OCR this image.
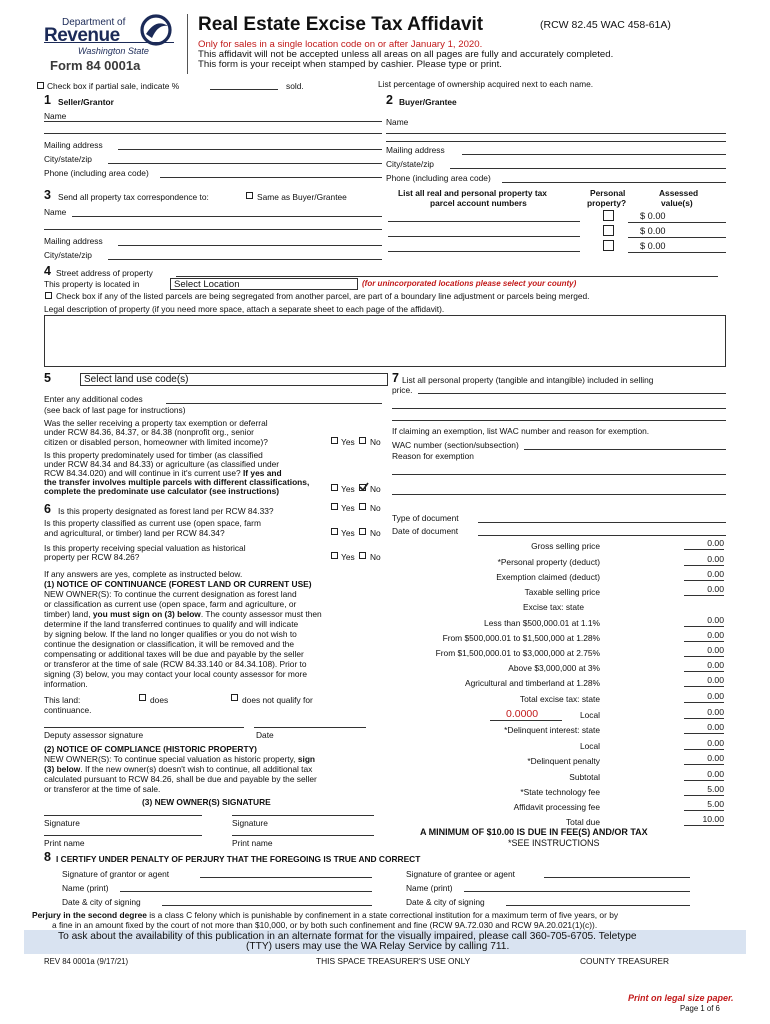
Department of
Revenue
Washington State
Form 84 0001a
Real Estate Excise Tax Affidavit	(RCW 82.45 WAC 458-61A)
Only for sales in a single location code on or after January 1, 2020.
This affidavit will not be accepted unless all areas on all pages are fully and accurately completed.
This form is your receipt when stamped by cashier. Please type or print.
Check box if partial sale, indicate %	sold.	List percentage of ownership acquired next to each name.
1 Seller/Grantor
Name
Mailing address
City/state/zip
Phone (including area code)
2 Buyer/Grantee
Name
Mailing address
City/state/zip
Phone (including area code)
3 Send all property tax correspondence to:	Same as Buyer/Grantee
Name
Mailing address
City/state/zip
List all real and personal property tax
parcel account numbers
Personal
property?
Assessed
value(s)
$ 0.00
$ 0.00
$ 0.00
4 Street address of property
This property is located in	Select Location	(for unincorporated locations please select your county)
Check box if any of the listed parcels are being segregated from another parcel, are part of a boundary line adjustment or parcels being merged.
Legal description of property (if you need more space, attach a separate sheet to each page of the affidavit).
5	Select land use code(s)
Enter any additional codes
(see back of last page for instructions)
Was the seller receiving a property tax exemption or deferral
under RCW 84.36, 84.37, or 84.38 (nonprofit org., senior
citizen or disabled person, homeowner with limited income)?	Yes No
Is this property predominately used for timber (as classified
under RCW 84.34 and 84.33) or agriculture (as classified under
RCW 84.34.020) and will continue in it's current use? If yes and
the transfer involves multiple parcels with different classifications,
complete the predominate use calculator (see instructions)	Yes No
6 Is this property designated as forest land per RCW 84.33?	Yes No
Is this property classified as current use (open space, farm
and agricultural, or timber) land per RCW 84.34?	Yes No
Is this property receiving special valuation as historical
property per RCW 84.26?	Yes No
If any answers are yes, complete as instructed below.
(1) NOTICE OF CONTINUANCE (FOREST LAND OR CURRENT USE)
NEW OWNER(S): To continue the current designation as forest land
or classification as current use (open space, farm and agriculture, or
timber) land, you must sign on (3) below. The county assessor must then
determine if the land transferred continues to qualify and will indicate
by signing below. If the land no longer qualifies or you do not wish to
continue the designation or classification, it will be removed and the
compensating or additional taxes will be due and payable by the seller
or transferor at the time of sale (RCW 84.33.140 or 84.34.108). Prior to
signing (3) below, you may contact your local county assessor for more
information.
This land:	does	does not qualify for
continuance.
Deputy assessor signature	Date
(2) NOTICE OF COMPLIANCE (HISTORIC PROPERTY)
NEW OWNER(S): To continue special valuation as historic property, sign
(3) below. If the new owner(s) doesn't wish to continue, all additional tax
calculated pursuant to RCW 84.26, shall be due and payable by the seller
or transferor at the time of sale.
(3) NEW OWNER(S) SIGNATURE
Signature	Signature
Print name	Print name
7 List all personal property (tangible and intangible) included in selling
price.
If claiming an exemption, list WAC number and reason for exemption.
WAC number (section/subsection)
Reason for exemption
Type of document
Date of document
Gross selling price	0.00
*Personal property (deduct)	0.00
Exemption claimed (deduct)	0.00
Taxable selling price	0.00
Excise tax: state
Less than $500,000.01 at 1.1%	0.00
From $500,000.01 to $1,500,000 at 1.28%	0.00
From $1,500,000.01 to $3,000,000 at 2.75%	0.00
Above $3,000,000 at 3%	0.00
Agricultural and timberland at 1.28%	0.00
Total excise tax: state	0.00
0.0000	Local	0.00
*Delinquent interest: state	0.00
Local	0.00
*Delinquent penalty	0.00
Subtotal	0.00
*State technology fee	5.00
Affidavit processing fee	5.00
Total due	10.00
A MINIMUM OF $10.00 IS DUE IN FEE(S) AND/OR TAX
*SEE INSTRUCTIONS
8 I CERTIFY UNDER PENALTY OF PERJURY THAT THE FOREGOING IS TRUE AND CORRECT
Signature of grantor or agent	Signature of grantee or agent
Name (print)	Name (print)
Date & city of signing	Date & city of signing
Perjury in the second degree is a class C felony which is punishable by confinement in a state correctional institution for a maximum term of five years, or by
a fine in an amount fixed by the court of not more than $10,000, or by both such confinement and fine (RCW 9A.72.030 and RCW 9A.20.021(1)(c)).
To ask about the availability of this publication in an alternate format for the visually impaired, please call 360-705-6705. Teletype
(TTY) users may use the WA Relay Service by calling 711.
REV 84 0001a (9/17/21)	THIS SPACE TREASURER'S USE ONLY	COUNTY TREASURER
Print on legal size paper.
Page 1 of 6
